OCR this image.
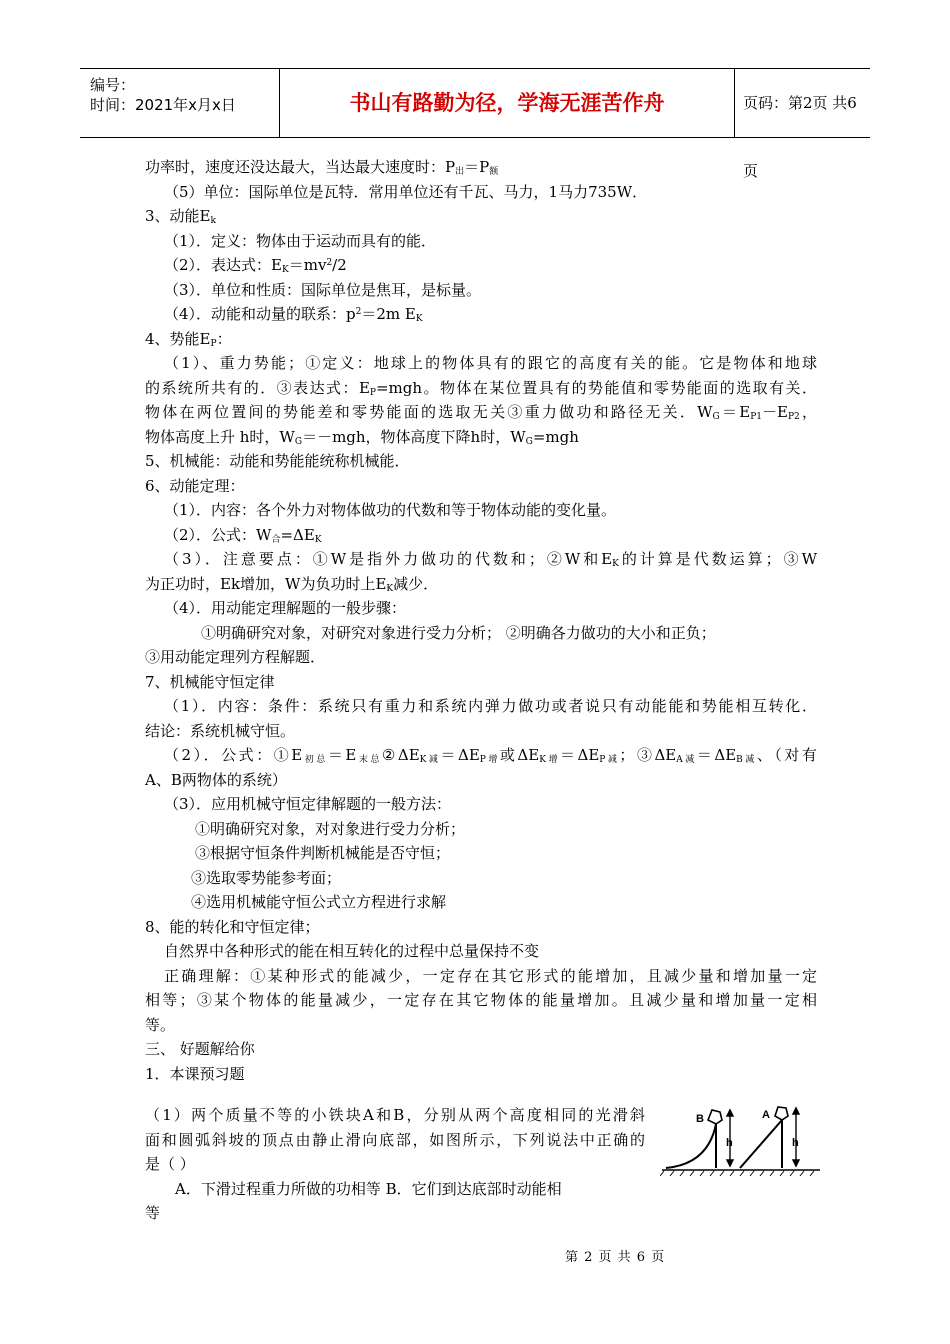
编号：
时间：2021年x月x日	书山有路勤为径，学海无涯苦作舟	页码：第2页 共6页

功率时，速度还没达最大，当达最大速度时：$P_出=P_额$

（5）单位：国际单位是瓦特．常用单位还有千瓦、马力，1马力735W．

3、动能$E_k$

（1）．定义：物体由于运动而具有的能．

（2）．表达式：$E_K=mv^2/2$

（3）．单位和性质：国际单位是焦耳，是标量。

（4）．动能和动量的联系：$p^2=2m$ $E_K$

4、势能$E_P$：

（1）、重力势能；①定义：地球上的物体具有的跟它的高度有关的能。它是物体和地球

的系统所共有的．③表达式：$E_P=mgh$。物体在某位置具有的势能值和零势能面的选取有关．

物体在两位置间的势能差和零势能面的选取无关③重力做功和路径无关．$W_G=E_{P1}-E_{P2}$，

物体高度上升 h时，$W_G=-mgh$，物体高度下降h时，$W_G=mgh$

5、机械能：动能和势能能统称机械能．

6、动能定理：

（1）．内容：各个外力对物体做功的代数和等于物体动能的变化量。

（2）．公式：$W_合=\Delta E_K$

（3）．注意要点：①W是指外力做功的代数和；②W和$E_K$的计算是代数运算；③W

为正功时，Ek增加，W为负功时上$E_K$减少．

（4）．用动能定理解题的一般步骤：

①明确研究对象，对研究对象进行受力分析； ②明确各力做功的大小和正负；

③用动能定理列方程解题．

7、机械能守恒定律

（1）．内容：条件：系统只有重力和系统内弹力做功或者说只有动能能和势能相互转化．

结论：系统机械守恒。

（2）．公式：$①E_{初总}=E_{末总}②\Delta E_{K减}=\Delta E_{P增}$或$\Delta E_{K增}=\Delta E_{P减}$；$③\Delta E_{A减}=\Delta E_{B减}$、（对有

A、B两物体的系统）

（3）．应用机械守恒定律解题的一般方法：

①明确研究对象，对对象进行受力分析；

③根据守恒条件判断机械能是否守恒；

③选取零势能参考面；

④选用机械能守恒公式立方程进行求解

8、能的转化和守恒定律；

自然界中各种形式的能在相互转化的过程中总量保持不变

正确理解：①某种形式的能减少，一定存在其它形式的能增加，且减少量和增加量一定

相等；③某个物体的能量减少，一定存在其它物体的能量增加。且减少量和增加量一定相

等。

三、 好题解给你

1．本课预习题

（1）两个质量不等的小铁块A和B，分别从两个高度相同的光滑斜

面和圆弧斜坡的顶点由静止滑向底部，如图所示，下列说法中正确的

是（ ）

A．下滑过程重力所做的功相等 B．它们到达底部时动能相

等

B	A
h	h
第 2 页 共 6 页
